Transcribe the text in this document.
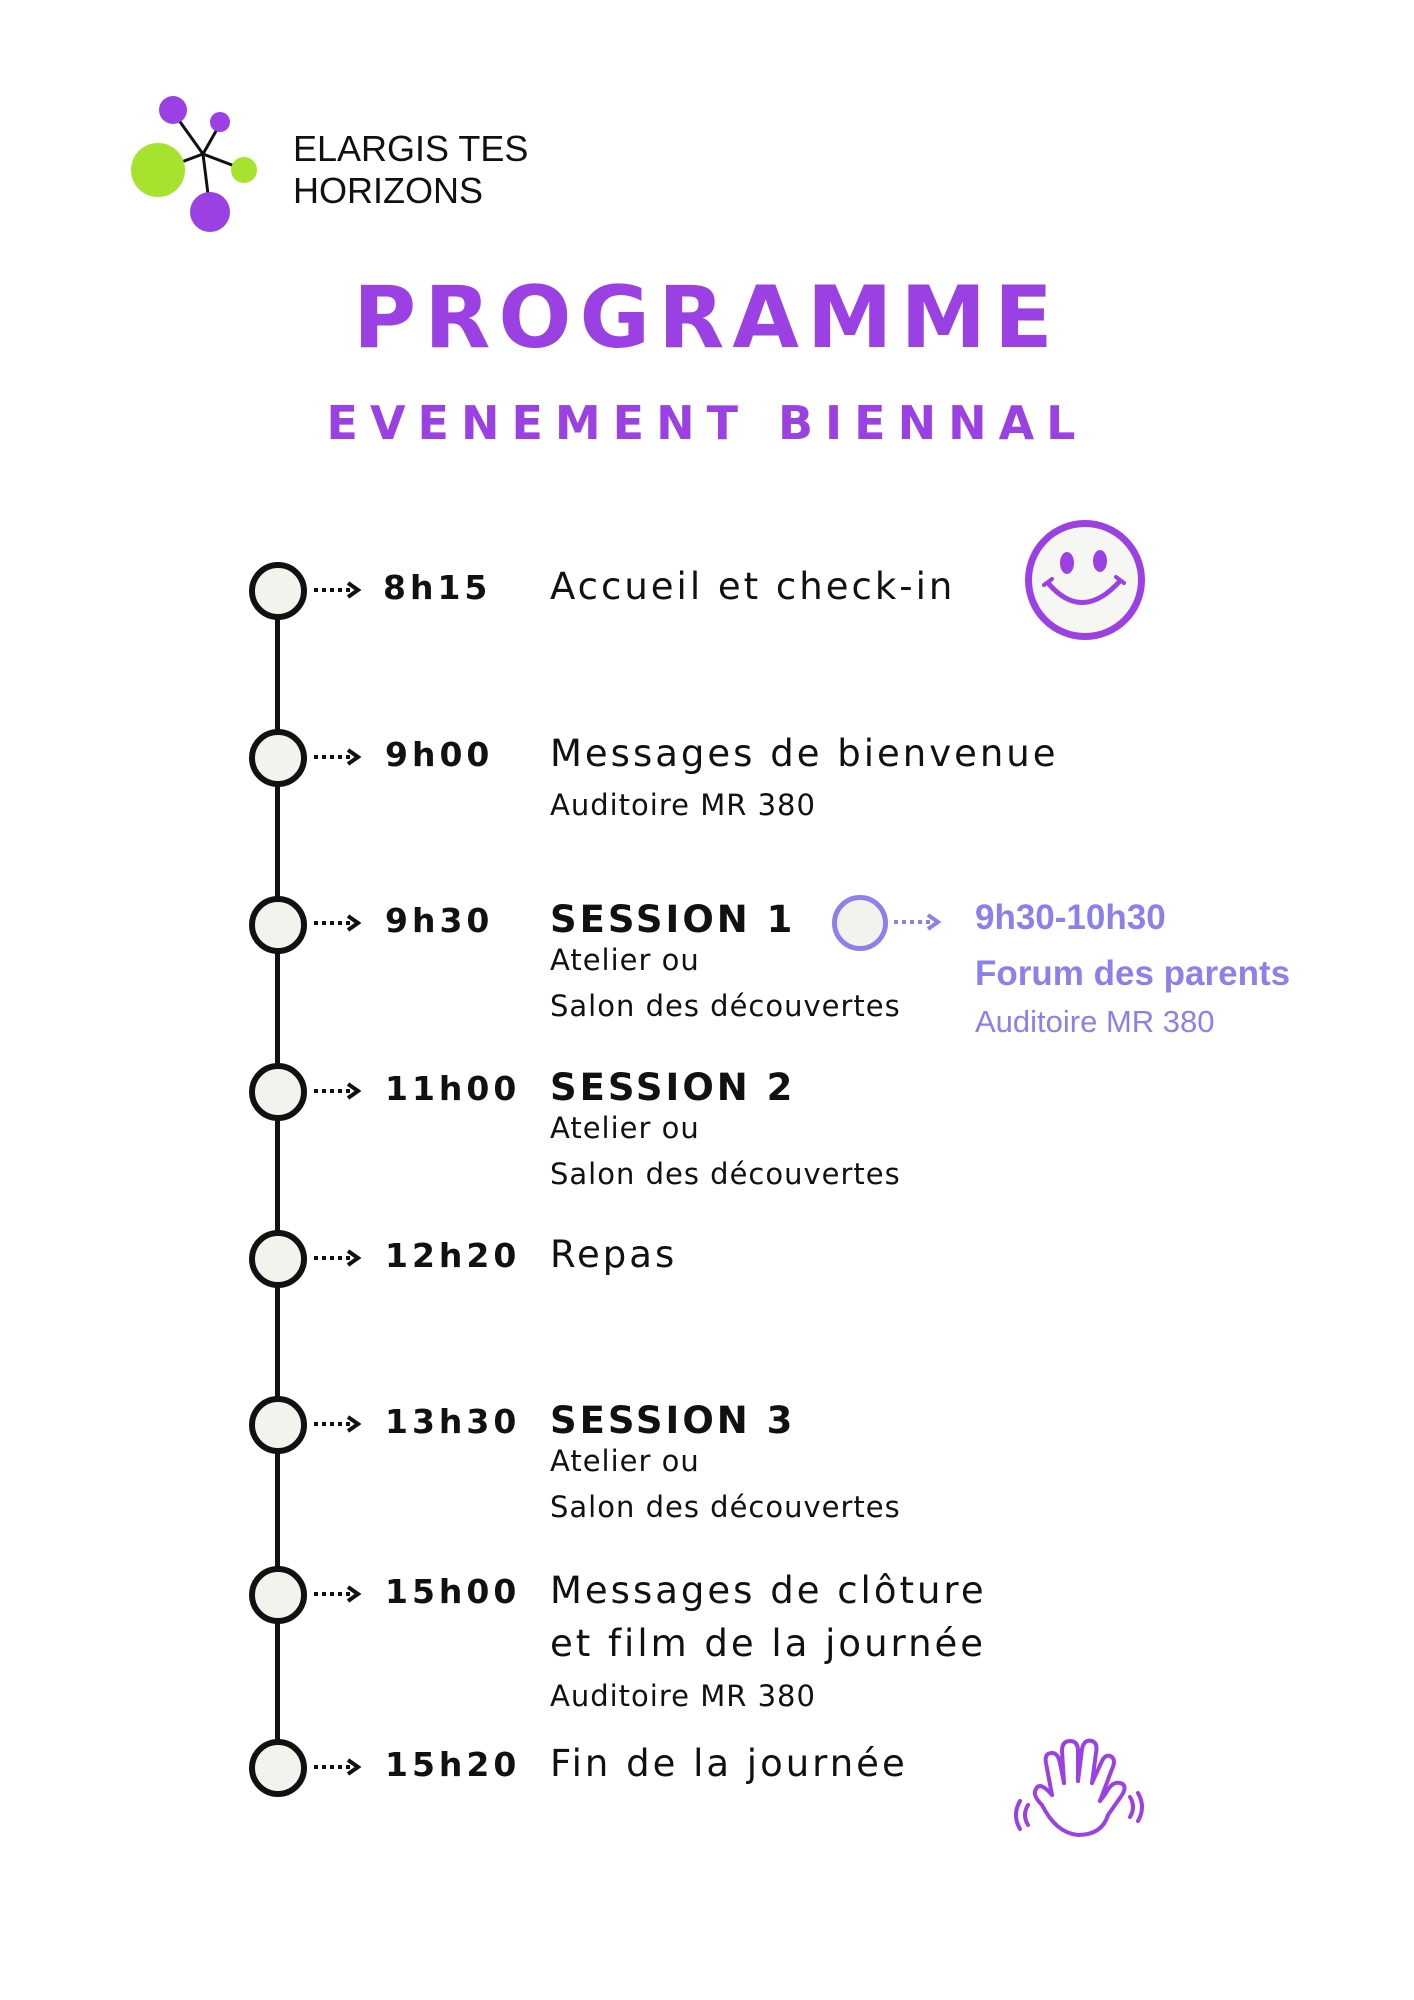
ELARGIS TES
HORIZONS
PROGRAMME
EVENEMENT BIENNAL
8h15 Accueil et check-in
9h00 Messages de bienvenue
Auditoire MR 380
9h30 SESSION 1
Atelier ou
Salon des découvertes
9h30-10h30
Forum des parents
Auditoire MR 380
11h00 SESSION 2
Atelier ou
Salon des découvertes
12h20 Repas
13h30 SESSION 3
Atelier ou
Salon des découvertes
15h00 Messages de clôture
et film de la journée
Auditoire MR 380
15h20 Fin de la journée
